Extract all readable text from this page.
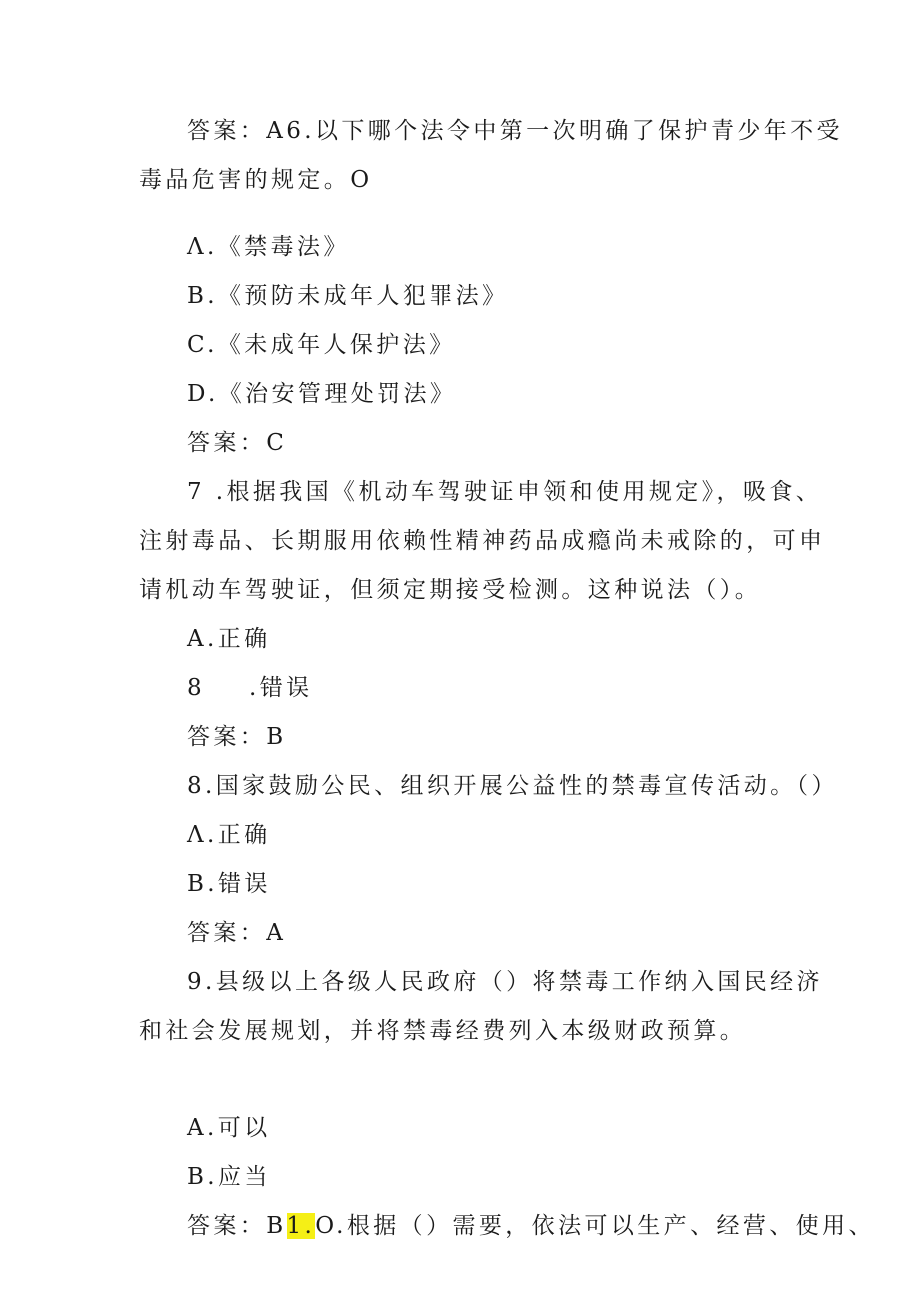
答案：A6.以下哪个法令中第一次明确了保护青少年不受
毒品危害的规定。O
Λ.《禁毒法》
B.《预防未成年人犯罪法》
C.《未成年人保护法》
D.《治安管理处罚法》
答案：C
7 .根据我国《机动车驾驶证申领和使用规定》，吸食、
注射毒品、长期服用依赖性精神药品成瘾尚未戒除的，可申
请机动车驾驶证，但须定期接受检测。这种说法（）。
A.正确
8 .错误
答案：B
8.国家鼓励公民、组织开展公益性的禁毒宣传活动。（）
Λ.正确
B.错误
答案：A
9.县级以上各级人民政府（）将禁毒工作纳入国民经济
和社会发展规划，并将禁毒经费列入本级财政预算。
A.可以
B.应当
答案：B1.O.根据（）需要，依法可以生产、经营、使用、
